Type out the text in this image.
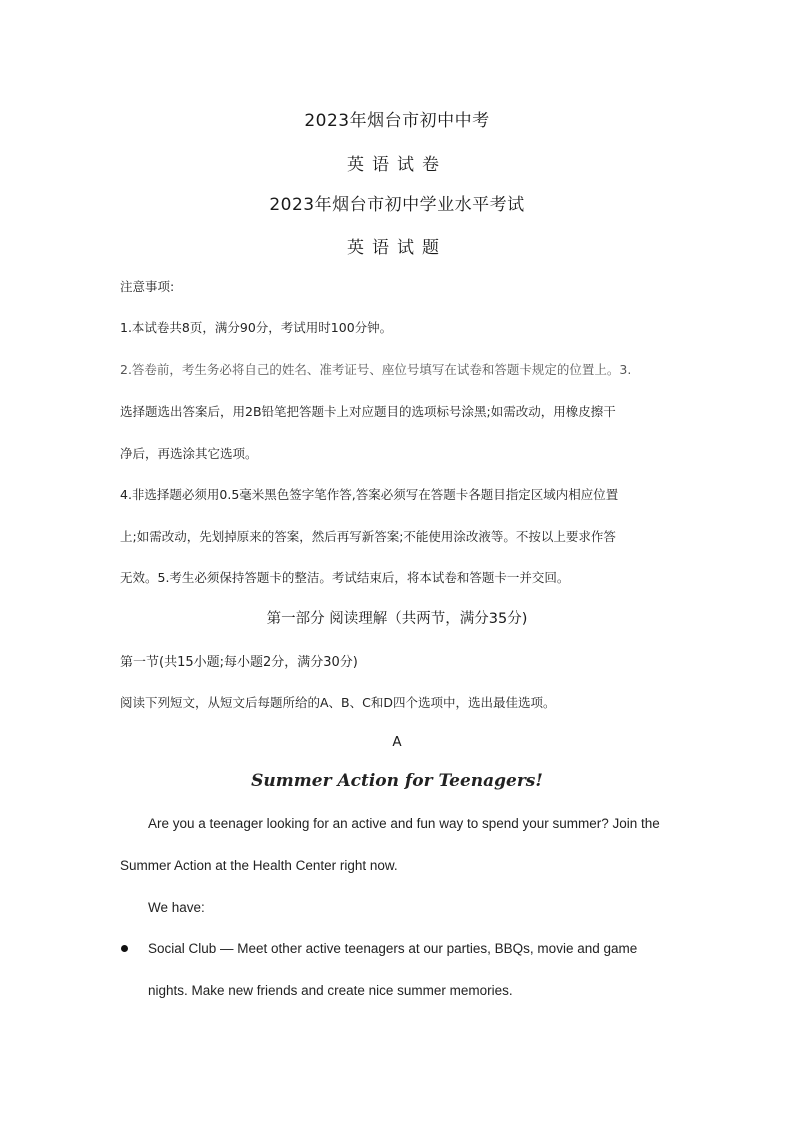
2023年烟台市初中中考
英语试卷
2023年烟台市初中学业水平考试
英语试题
注意事项:
1.本试卷共8页，满分90分，考试用时100分钟。
2.答卷前，考生务必将自己的姓名、准考证号、座位号填写在试卷和答题卡规定的位置上。3.
选择题选出答案后，用2B铅笔把答题卡上对应题目的选项标号涂黑;如需改动，用橡皮擦干
净后，再选涂其它选项。
4.非选择题必须用0.5毫米黑色签字笔作答,答案必须写在答题卡各题目指定区域内相应位置
上;如需改动，先划掉原来的答案，然后再写新答案;不能使用涂改液等。不按以上要求作答
无效。5.考生必须保持答题卡的整洁。考试结束后，将本试卷和答题卡一并交回。
第一部分 阅读理解（共两节，满分35分)
第一节(共15小题;每小题2分，满分30分)
阅读下列短文，从短文后每题所给的A、B、C和D四个选项中，选出最佳选项。
A
Summer Action for Teenagers!
Are you a teenager looking for an active and fun way to spend your summer? Join the
Summer Action at the Health Center right now.
We have:
Social Club — Meet other active teenagers at our parties, BBQs, movie and game
nights. Make new friends and create nice summer memories.
